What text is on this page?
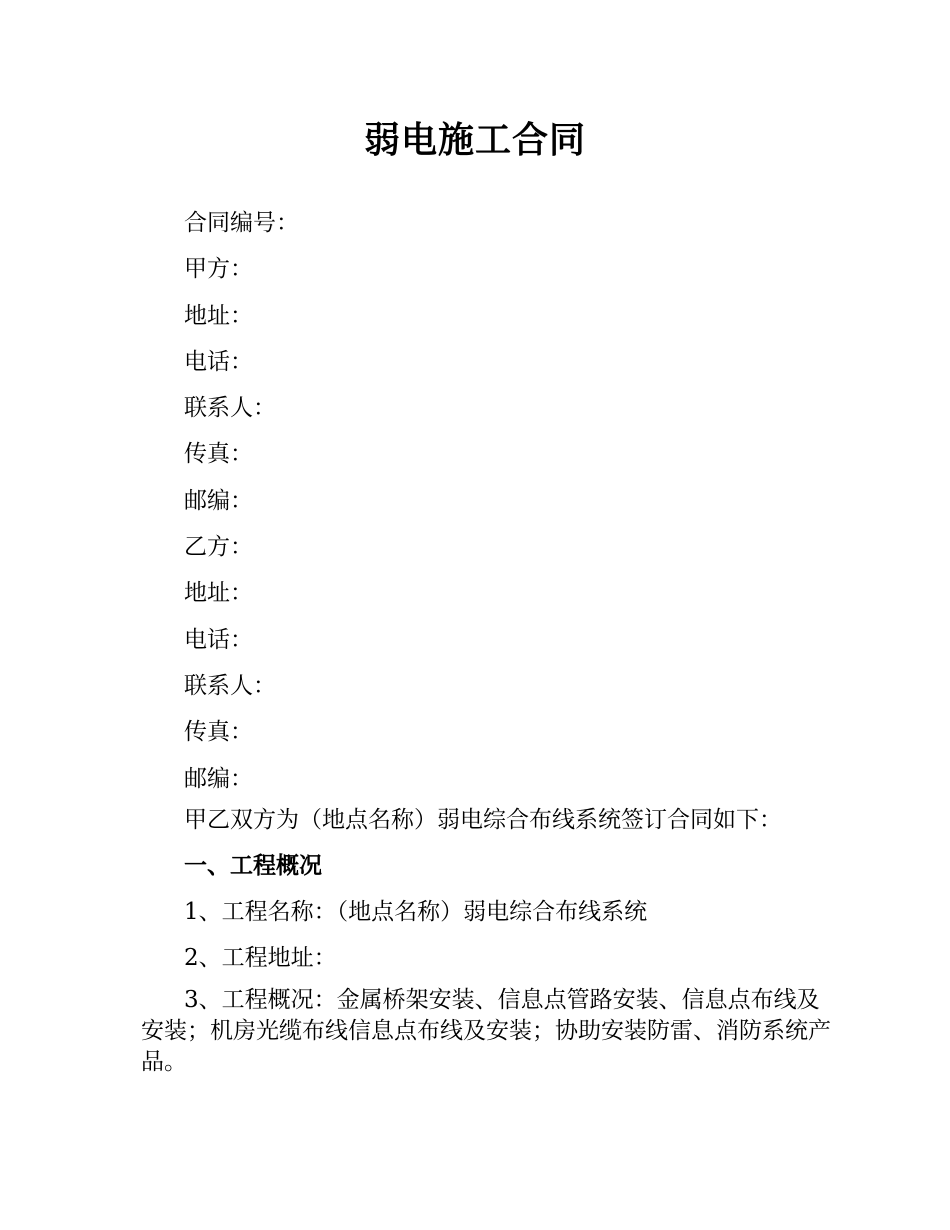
弱电施工合同
合同编号：
甲方：
地址：
电话：
联系人：
传真：
邮编：
乙方：
地址：
电话：
联系人：
传真：
邮编：
甲乙双方为（地点名称）弱电综合布线系统签订合同如下：
一、工程概况
1、工程名称：（地点名称）弱电综合布线系统
2、工程地址：
3、工程概况：金属桥架安装、信息点管路安装、信息点布线及安装；机房光缆布线信息点布线及安装；协助安装防雷、消防系统产品。
